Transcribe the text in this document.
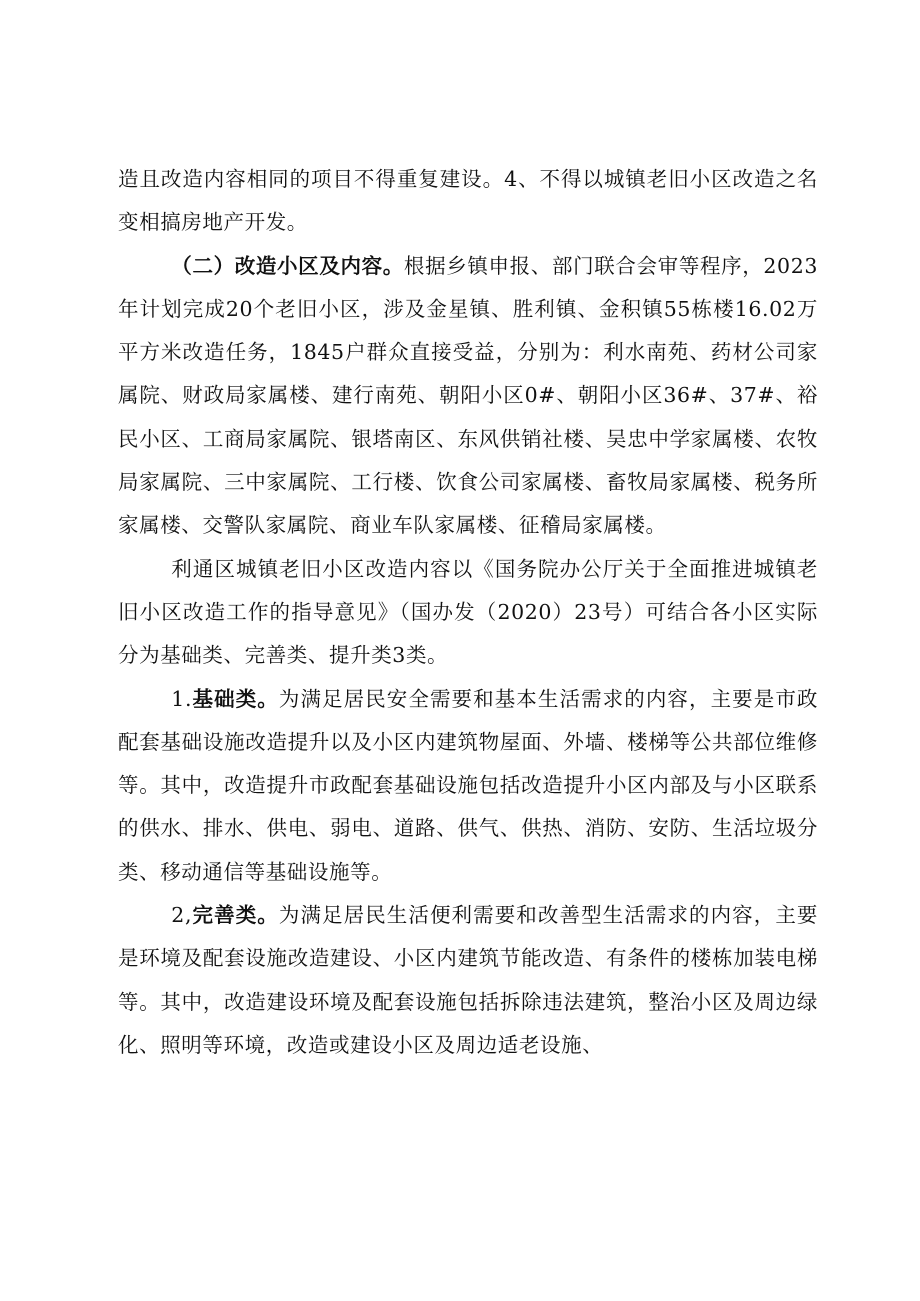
造且改造内容相同的项目不得重复建设。4、不得以城镇老旧小区改造之名变相搞房地产开发。

（二）改造小区及内容。根据乡镇申报、部门联合会审等程序，2023年计划完成20个老旧小区，涉及金星镇、胜利镇、金积镇55栋楼16.02万平方米改造任务，1845户群众直接受益，分别为：利水南苑、药材公司家属院、财政局家属楼、建行南苑、朝阳小区0#、朝阳小区36#、37#、裕民小区、工商局家属院、银塔南区、东风供销社楼、吴忠中学家属楼、农牧局家属院、三中家属院、工行楼、饮食公司家属楼、畜牧局家属楼、税务所家属楼、交警队家属院、商业车队家属楼、征稽局家属楼。

利通区城镇老旧小区改造内容以《国务院办公厅关于全面推进城镇老旧小区改造工作的指导意见》（国办发（2020）23号）可结合各小区实际分为基础类、完善类、提升类3类。

1.基础类。为满足居民安全需要和基本生活需求的内容，主要是市政配套基础设施改造提升以及小区内建筑物屋面、外墙、楼梯等公共部位维修等。其中，改造提升市政配套基础设施包括改造提升小区内部及与小区联系的供水、排水、供电、弱电、道路、供气、供热、消防、安防、生活垃圾分类、移动通信等基础设施等。

2,完善类。为满足居民生活便利需要和改善型生活需求的内容，主要是环境及配套设施改造建设、小区内建筑节能改造、有条件的楼栋加装电梯等。其中，改造建设环境及配套设施包括拆除违法建筑，整治小区及周边绿化、照明等环境，改造或建设小区及周边适老设施、
